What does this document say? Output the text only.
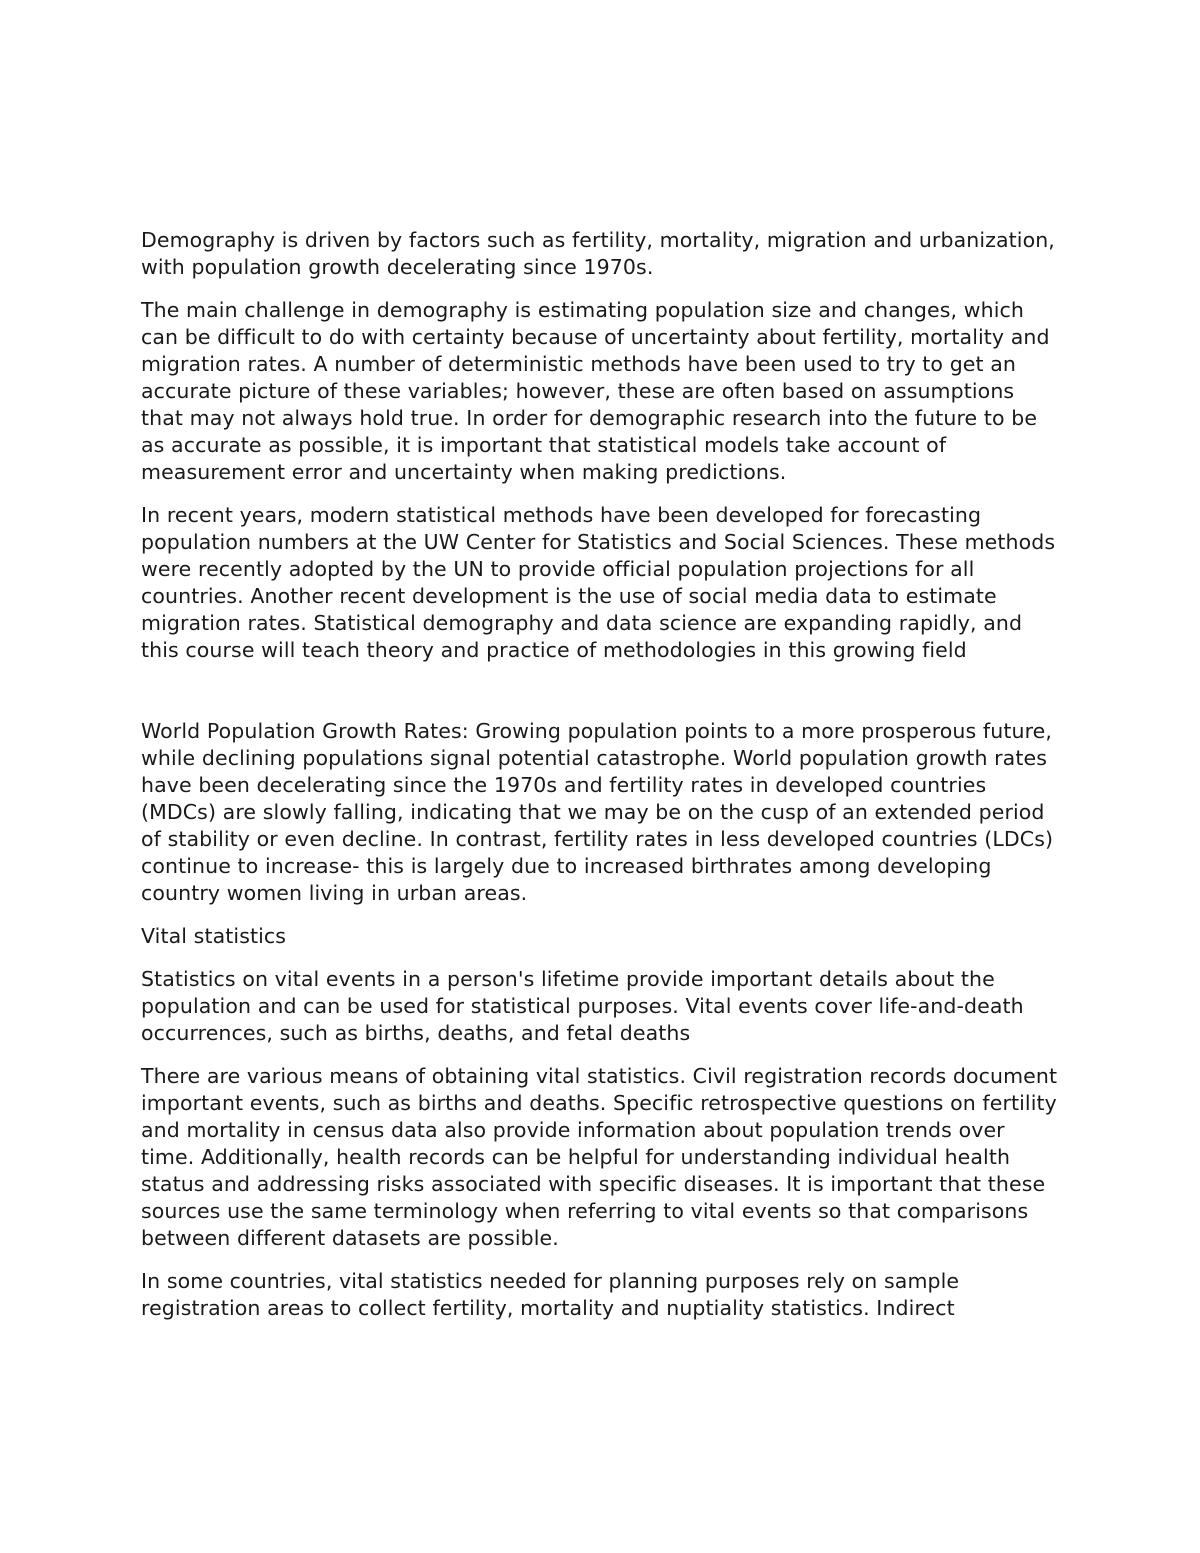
Demography is driven by factors such as fertility, mortality, migration and urbanization, with population growth decelerating since 1970s.

The main challenge in demography is estimating population size and changes, which can be difficult to do with certainty because of uncertainty about fertility, mortality and migration rates. A number of deterministic methods have been used to try to get an accurate picture of these variables; however, these are often based on assumptions that may not always hold true. In order for demographic research into the future to be as accurate as possible, it is important that statistical models take account of measurement error and uncertainty when making predictions.

In recent years, modern statistical methods have been developed for forecasting population numbers at the UW Center for Statistics and Social Sciences. These methods were recently adopted by the UN to provide official population projections for all countries. Another recent development is the use of social media data to estimate migration rates. Statistical demography and data science are expanding rapidly, and this course will teach theory and practice of methodologies in this growing field

World Population Growth Rates: Growing population points to a more prosperous future, while declining populations signal potential catastrophe. World population growth rates have been decelerating since the 1970s and fertility rates in developed countries (MDCs) are slowly falling, indicating that we may be on the cusp of an extended period of stability or even decline. In contrast, fertility rates in less developed countries (LDCs) continue to increase- this is largely due to increased birthrates among developing country women living in urban areas.

Vital statistics

Statistics on vital events in a person's lifetime provide important details about the population and can be used for statistical purposes. Vital events cover life-and-death occurrences, such as births, deaths, and fetal deaths

There are various means of obtaining vital statistics. Civil registration records document important events, such as births and deaths. Specific retrospective questions on fertility and mortality in census data also provide information about population trends over time. Additionally, health records can be helpful for understanding individual health status and addressing risks associated with specific diseases. It is important that these sources use the same terminology when referring to vital events so that comparisons between different datasets are possible.

In some countries, vital statistics needed for planning purposes rely on sample registration areas to collect fertility, mortality and nuptiality statistics. Indirect
